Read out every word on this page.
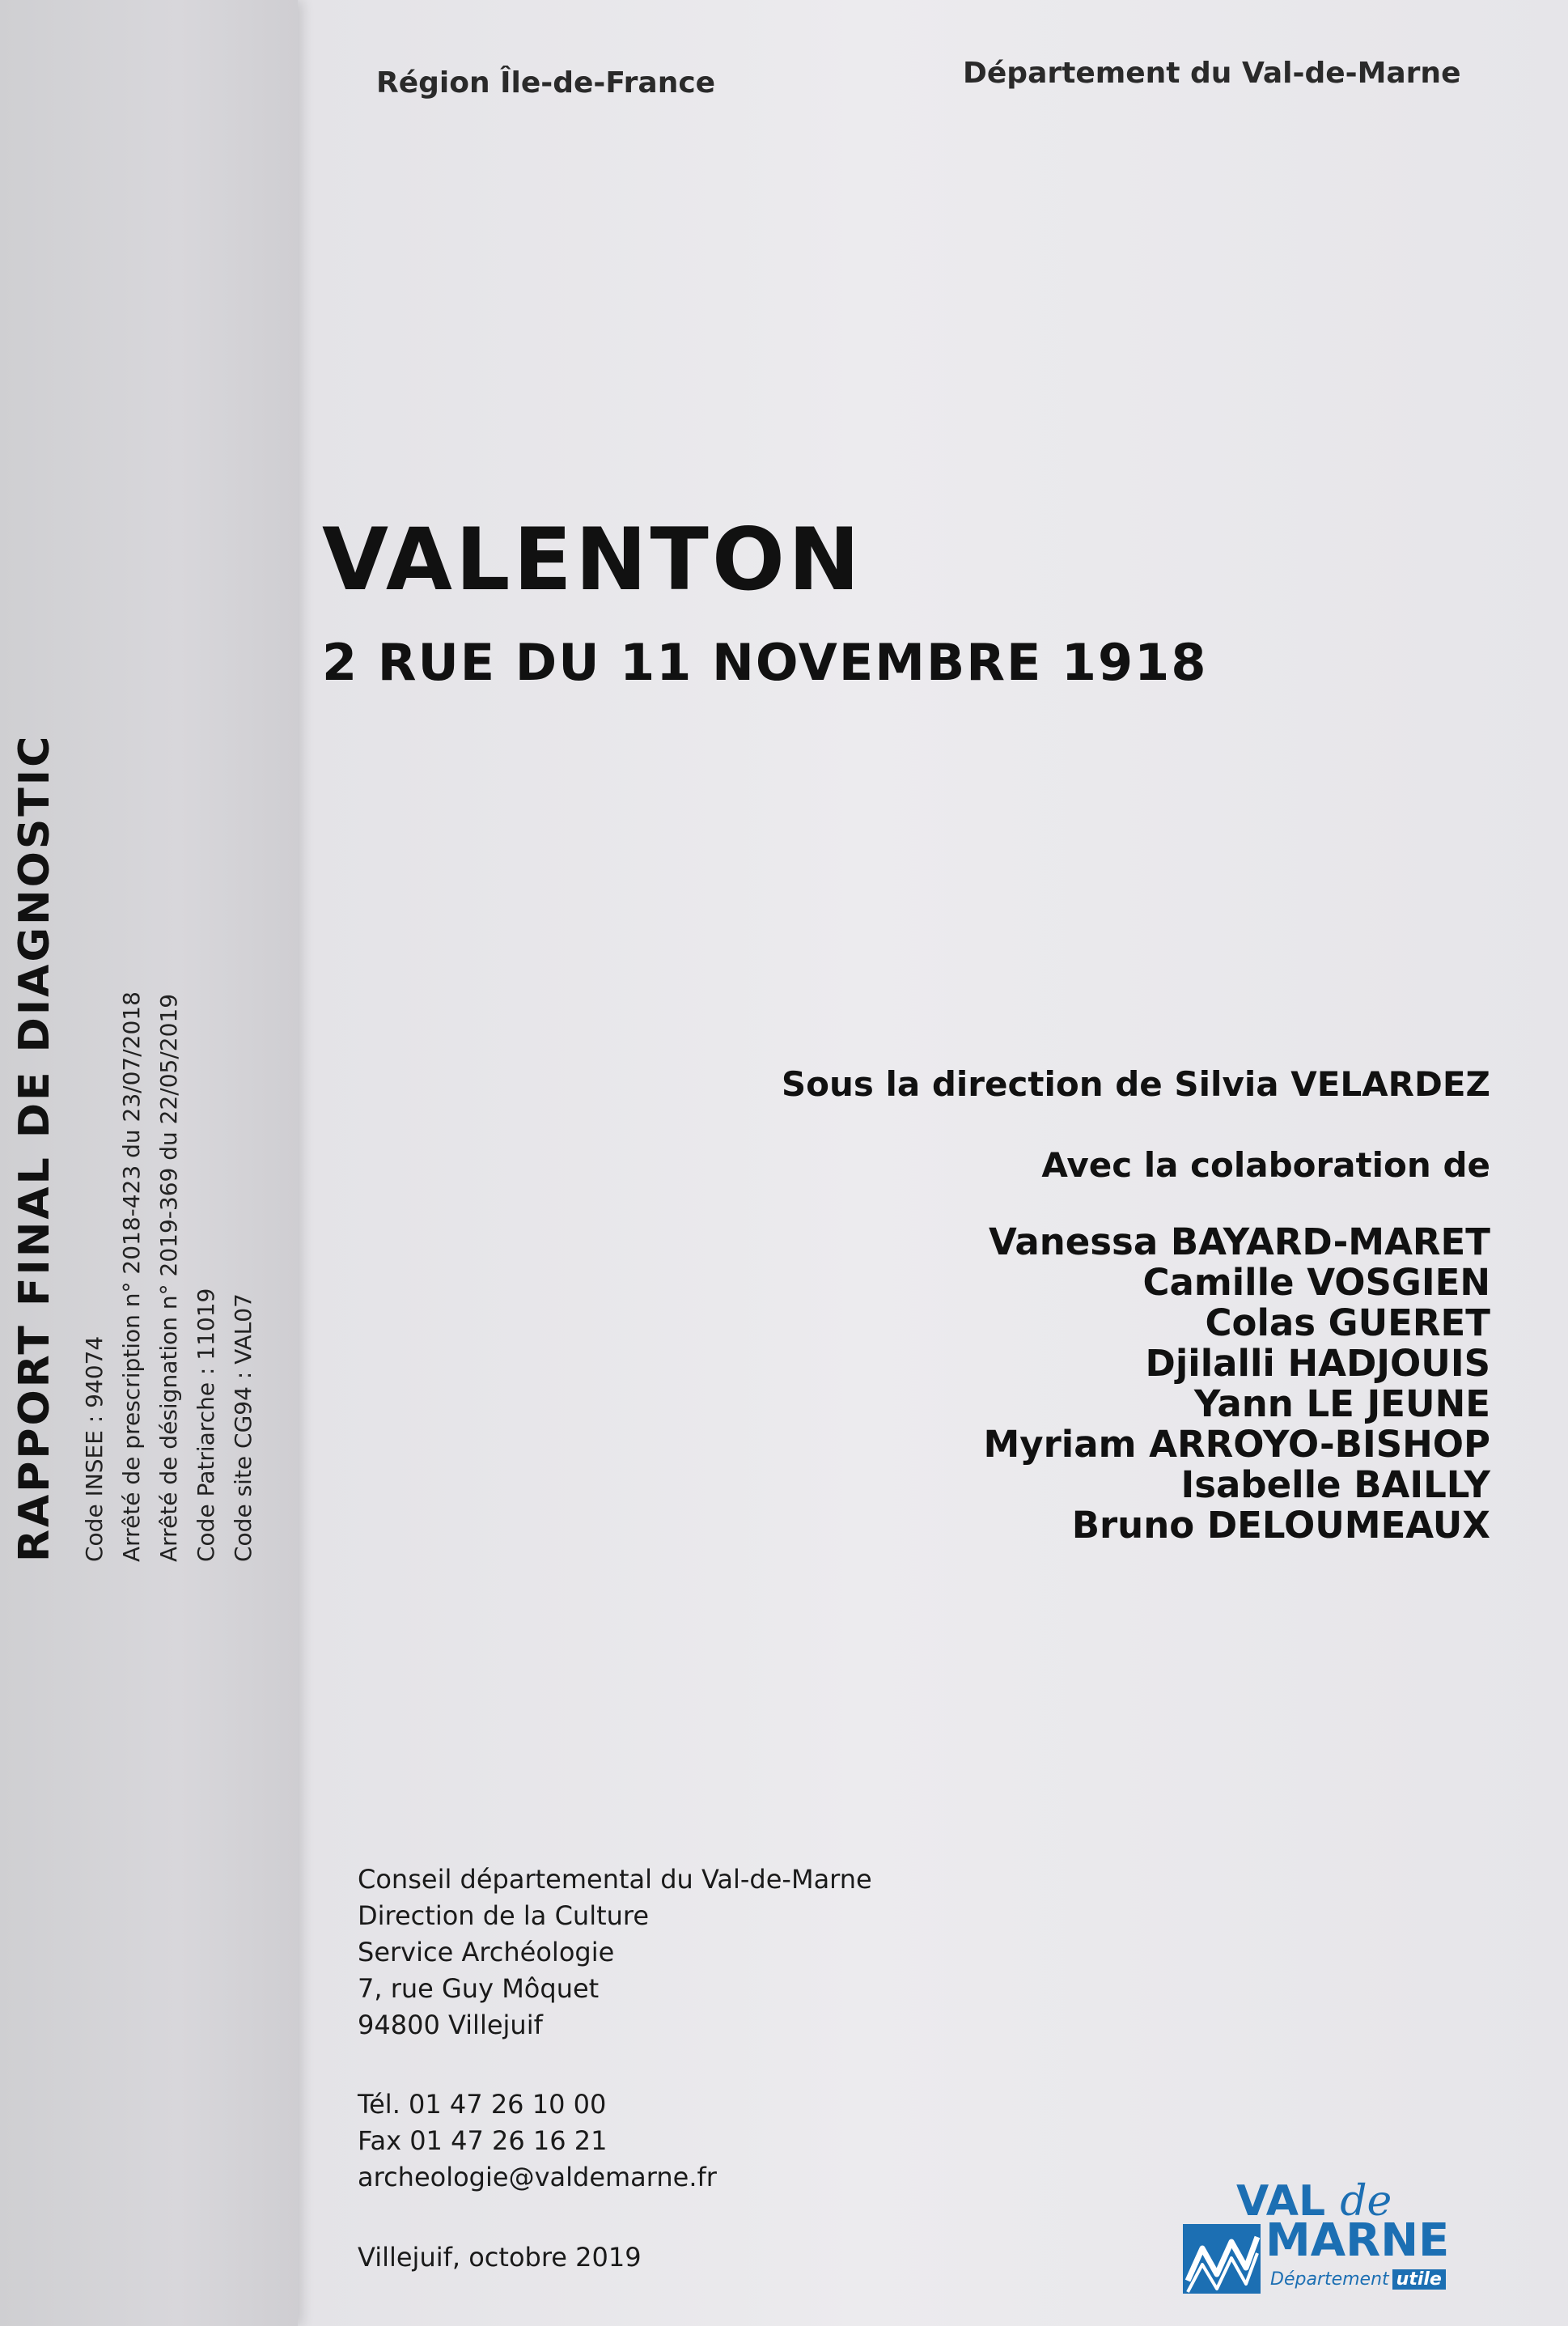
RAPPORT FINAL DE DIAGNOSTIC Code INSEE : 94074 Arrêté de prescription n° 2018-423 du 23/07/2018 Arrêté de désignation n° 2019-369 du 22/05/2019 Code Patriarche : 11019 Code site CG94 : VAL07
Région Île-de-France	Département du Val-de-Marne
VALENTON
2 RUE DU 11 NOVEMBRE 1918
Sous la direction de Silvia VELARDEZ
Avec la colaboration de
Vanessa BAYARD-MARET
Camille VOSGIEN
Colas GUERET
Djilalli HADJOUIS
Yann LE JEUNE
Myriam ARROYO-BISHOP
Isabelle BAILLY
Bruno DELOUMEAUX
Conseil départemental du Val-de-Marne
Direction de la Culture
Service Archéologie
7, rue Guy Môquet
94800 Villejuif
Tél. 01 47 26 10 00
Fax 01 47 26 16 21
archeologie@valdemarne.fr
Villejuif, octobre 2019
VAL de
MARNE
Département utile
